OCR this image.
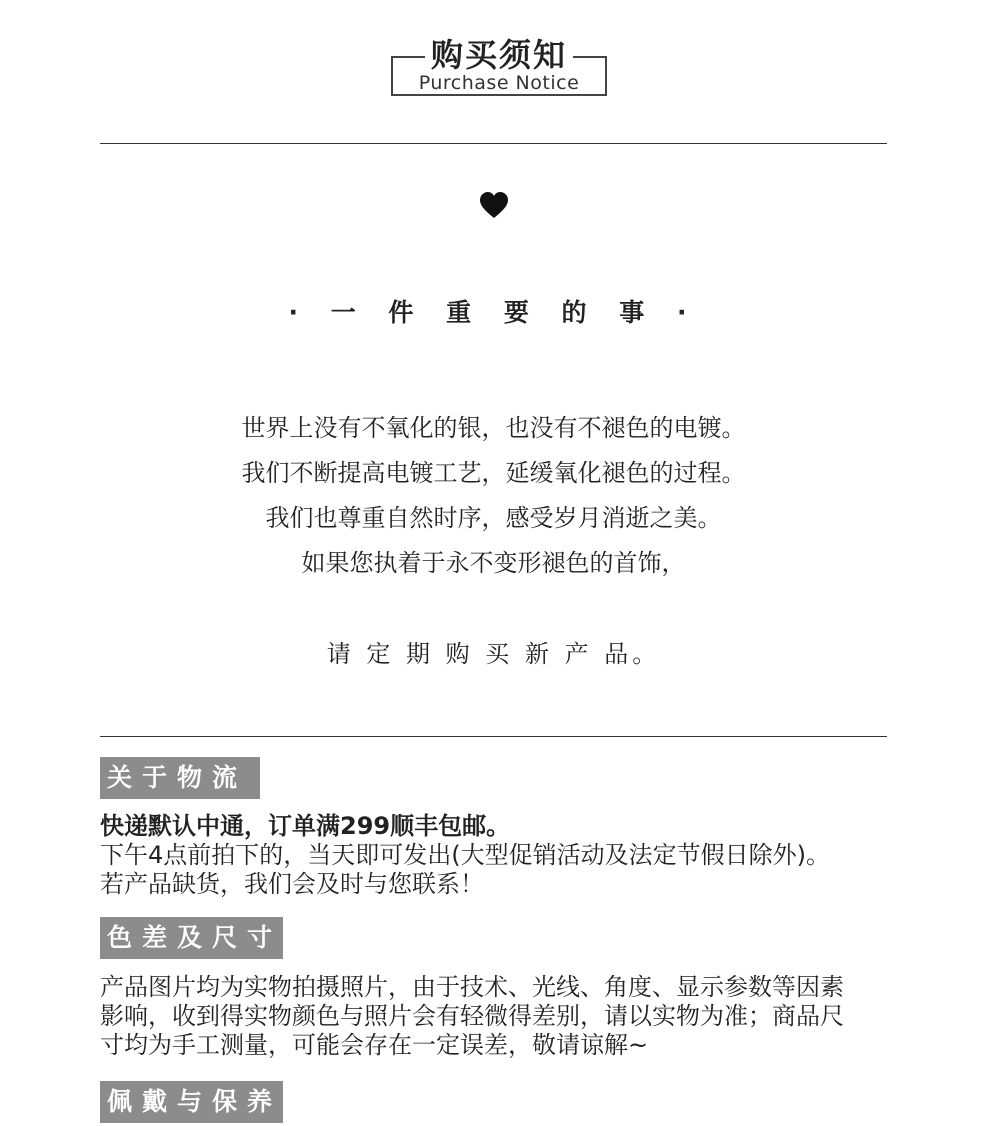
购买须知
Purchase Notice
· 一 件 重 要 的 事 ·
世界上没有不氧化的银，也没有不褪色的电镀。
我们不断提高电镀工艺，延缓氧化褪色的过程。
我们也尊重自然时序，感受岁月消逝之美。
如果您执着于永不变形褪色的首饰，
请 定 期 购 买 新 产 品。
关于物流
快递默认中通，订单满299顺丰包邮。
下午4点前拍下的，当天即可发出(大型促销活动及法定节假日除外)。
若产品缺货，我们会及时与您联系！
色差及尺寸
产品图片均为实物拍摄照片，由于技术、光线、角度、显示参数等因素
影响，收到得实物颜色与照片会有轻微得差别，请以实物为准；商品尺
寸均为手工测量，可能会存在一定误差，敬请谅解~
佩戴与保养
